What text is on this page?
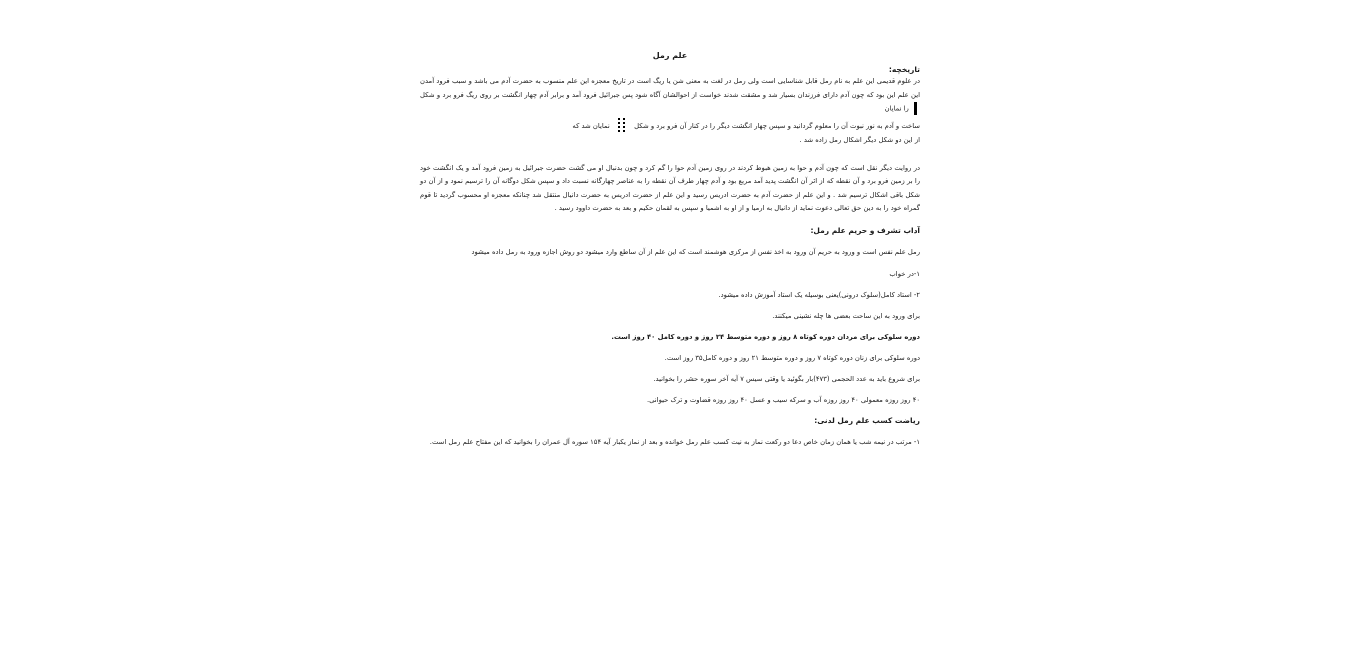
علم رمل
تاریخچه:

در علوم قدیمی این علم به نام رمل قابل شناسایی است ولی رمل در لغت به معنی شن یا ریگ است در تاریخ معجزه این علم منسوب به حضرت آدم می باشد و سبب فرود آمدن این علم این بود که چون آدم دارای فرزندان بسیار شد و مشقت شدند خواست از احوالشان آگاه شود پس جبرائیل فرود آمد و برابر آدم چهار انگشت بر روی ریگ فرو برد و شکل  را نمایان

ساخت و آدم به نور نبوت آن را معلوم گردانید و سپس چهار انگشت دیگر را در کنار آن فرو برد و شکل
نمایان شد که

از این دو شکل دیگر اشکال رمل زاده شد .

در روایت دیگر نقل است که چون آدم و حوا به زمین هبوط کردند در روی زمین آدم حوا را گم کرد و چون بدنبال او می گشت حضرت جبرائیل به زمین فرود آمد و یک انگشت خود را بر زمین فرو برد و آن نقطه که از اثر آن انگشت پدید آمد مربع بود و آدم چهار طرف آن نقطه را به عناصر چهارگانه نسبت داد و سپس شکل دوگانه آن را ترسیم نمود و از آن دو شکل باقی اشکال ترسیم شد . و این علم از حضرت آدم به حضرت ادریس رسید و این علم از حضرت ادریس به حضرت دانیال منتقل شد چنانکه معجزه او محسوب گردید تا قوم گمراه خود را به دین حق تعالی دعوت نماید از دانیال به ارمیا و از او به اشمیا و سپس به لقمان حکیم و بعد به حضرت داوود رسید .

آداب تشرف و حریم علم رمل:

رمل علم نفس است و ورود به حریم آن ورود به اخذ نفس از مرکزی هوشمند است که این علم از آن ساطع وارد میشود دو روش اجازه ورود به رمل داده میشود

۱-در خواب

۲- استاد کامل(سلوک درونی)یعنی بوسیله یک استاد آموزش داده میشود.

برای ورود به این ساحت بعضی ها چله نشینی میکنند.

دوره سلوکی برای مردان دوره کوتاه ۸ روز و دوره متوسط ۲۴ روز و دوره کامل ۴۰ روز است.

دوره سلوکی برای زنان دوره کوتاه ۷ روز و دوره متوسط ۲۱ روز و دوره کامل۳۵ روز است.

برای شروع باید به عدد الحجمی (۴۷۳)بار بگوئید یا وقتی سیس ۷ آیه آخر سوره حشر را بخوانید.

۴۰ روز روزه معمولی ۴۰ روز روزه آب و سرکه سیب و عسل ۴۰ روز روزه قضاوت و ترک حیوانی.

ریاضت کسب علم رمل لدنی:

۱- مرتب در نیمه شب یا همان زمان خاص دعا دو رکعت نماز به نیت کسب علم رمل خوانده و بعد از نماز یکبار آیه ۱۵۴ سوره آل عمران را بخوانید که این مفتاح علم رمل است.
